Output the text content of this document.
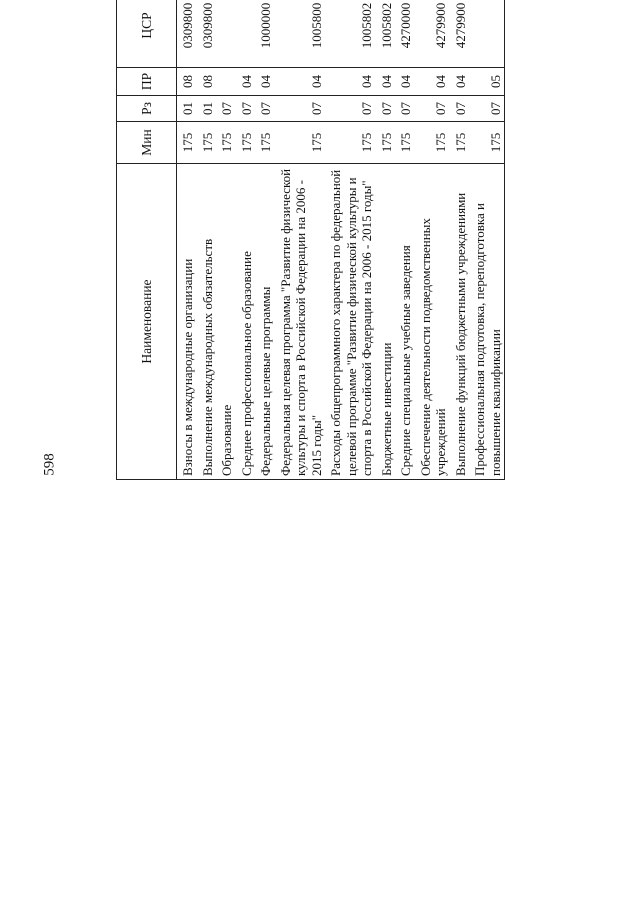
598
Наименование	Мин	Рз	ПР	ЦСР		

Взносы в международные организации	175	01	08	0309800			
Выполнение международных обязательств	175	01	08	0309800			
Образование	175	07					
Среднее профессиональное образование	175	07	04				
Федеральные целевые программы	175	07	04	1000000			
Федеральная целевая программа "Развитие физической культуры и спорта в Российской Федерации на 2006 - 2015 годы"	175	07	04	1005800			
Расходы общепрограммного характера по федеральной целевой программе "Развитие физической культуры и спорта в Российской Федерации на 2006 - 2015 годы"	175	07	04	1005802			
Бюджетные инвестиции	175	07	04	1005802			
Средние специальные учебные заведения	175	07	04	4270000			
Обеспечение деятельности подведомственных учреждений	175	07	04	4279900			
Выполнение функций бюджетными учреждениями	175	07	04	4279900			
Профессиональная подготовка, переподготовка и повышение квалификации	175	07	05				
